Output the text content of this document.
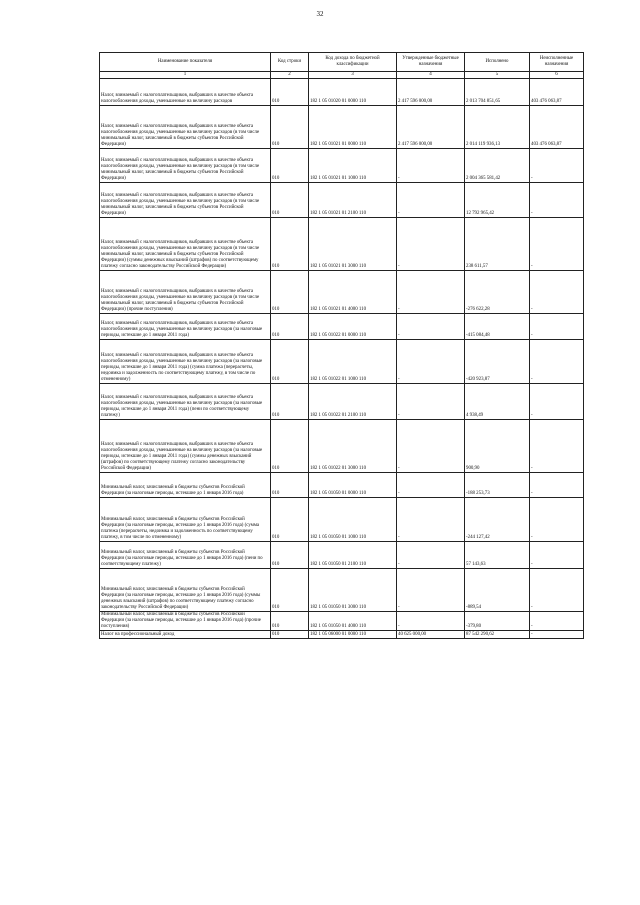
32
Наименование показателя	Код строки	Код дохода по бюджетной классификации	Утвержденные бюджетные назначения	Исполнено	Неисполненные назначения
1	2	3	4	5	6
Налог, взимаемый с налогоплательщиков, выбравших в качестве объекта налогообложения доходы, уменьшенные на величину расходов	010	182 1 05 01020 01 0000 110	2 417 596 000,00	2 013 704 851,65	403 476 063,87
Налог, взимаемый с налогоплательщиков, выбравших в качестве объекта налогообложения доходы, уменьшенные на величину расходов (в том числе минимальный налог, зачисляемый в бюджеты субъектов Российской Федерации)	010	182 1 05 01021 01 0000 110	2 417 596 000,00	2 014 119 936,13	403 476 063,87
Налог, взимаемый с налогоплательщиков, выбравших в качестве объекта налогообложения доходы, уменьшенные на величину расходов (в том числе минимальный налог, зачисляемый в бюджеты субъектов Российской Федерации)	010	182 1 05 01021 01 1000 110	-	2 004 365 581,42	-
Налог, взимаемый с налогоплательщиков, выбравших в качестве объекта налогообложения доходы, уменьшенные на величину расходов (в том числе минимальный налог, зачисляемый в бюджеты субъектов Российской Федерации)	010	182 1 05 01021 01 2100 110	-	12 792 965,42	-
Налог, взимаемый с налогоплательщиков, выбравших в качестве объекта налогообложения доходы, уменьшенные на величину расходов (в том числе минимальный налог, зачисляемый в бюджеты субъектов Российской Федерации) (суммы денежных взысканий (штрафов) по соответствующему платежу согласно законодательству Российской Федерации)	010	182 1 05 01021 01 3000 110	-	238 611,57	-
Налог, взимаемый с налогоплательщиков, выбравших в качестве объекта налогообложения доходы, уменьшенные на величину расходов (в том числе минимальный налог, зачисляемый в бюджеты субъектов Российской Федерации) (прочие поступления)	010	182 1 05 01021 01 4000 110	-	-276 622,28	-
Налог, взимаемый с налогоплательщиков, выбравших в качестве объекта налогообложения доходы, уменьшенные на величину расходов (за налоговые периоды, истекшие до 1 января 2011 года)	010	182 1 05 01022 01 0000 110	-	-415 084,48	-
Налог, взимаемый с налогоплательщиков, выбравших в качестве объекта налогообложения доходы, уменьшенные на величину расходов (за налоговые периоды, истекшие до 1 января 2011 года) (сумма платежа (перерасчеты, недоимка и задолженность по соответствующему платежу, в том числе по отмененному)	010	182 1 05 01022 01 1000 110	-	-420 923,87	-
Налог, взимаемый с налогоплательщиков, выбравших в качестве объекта налогообложения доходы, уменьшенные на величину расходов (за налоговые периоды, истекшие до 1 января 2011 года) (пени по соответствующему платежу)	010	182 1 05 01022 01 2100 110	-	4 938,49	-
Налог, взимаемый с налогоплательщиков, выбравших в качестве объекта налогообложения доходы, уменьшенные на величину расходов (за налоговые периоды, истекшие до 1 января 2011 года) (суммы денежных взысканий (штрафов) по соответствующему платежу согласно законодательству Российской Федерации)	010	182 1 05 01022 01 3000 110	-	900,90	-
Минимальный налог, зачисляемый в бюджеты субъектов Российской Федерации (за налоговые периоды, истекшие до 1 января 2016 года)	010	182 1 05 01050 01 0000 110	-	-188 253,73	-
Минимальный налог, зачисляемый в бюджеты субъектов Российской Федерации (за налоговые периоды, истекшие до 1 января 2016 года) (сумма платежа (перерасчеты, недоимка и задолженность по соответствующему платежу, в том числе по отмененному)	010	182 1 05 01050 01 1000 110	-	-244 127,42	-
Минимальный налог, зачисляемый в бюджеты субъектов Российской Федерации (за налоговые периоды, истекшие до 1 января 2016 года) (пени по соответствующему платежу)	010	182 1 05 01050 01 2100 110	-	57 143,63	-
Минимальный налог, зачисляемый в бюджеты субъектов Российской Федерации (за налоговые периоды, истекшие до 1 января 2016 года) (суммы денежных взысканий (штрафов) по соответствующему платежу согласно законодательству Российской Федерации)	010	182 1 05 01050 01 3000 110	-	-889,54	-
Минимальный налог, зачисляемый в бюджеты субъектов Российской Федерации (за налоговые периоды, истекшие до 1 января 2016 года) (прочие поступления)	010	182 1 05 01050 01 4000 110	-	-379,80	-
Налог на профессиональный доход	010	182 1 05 06000 01 0000 110	40 625 000,00	87 542 290,62	-
